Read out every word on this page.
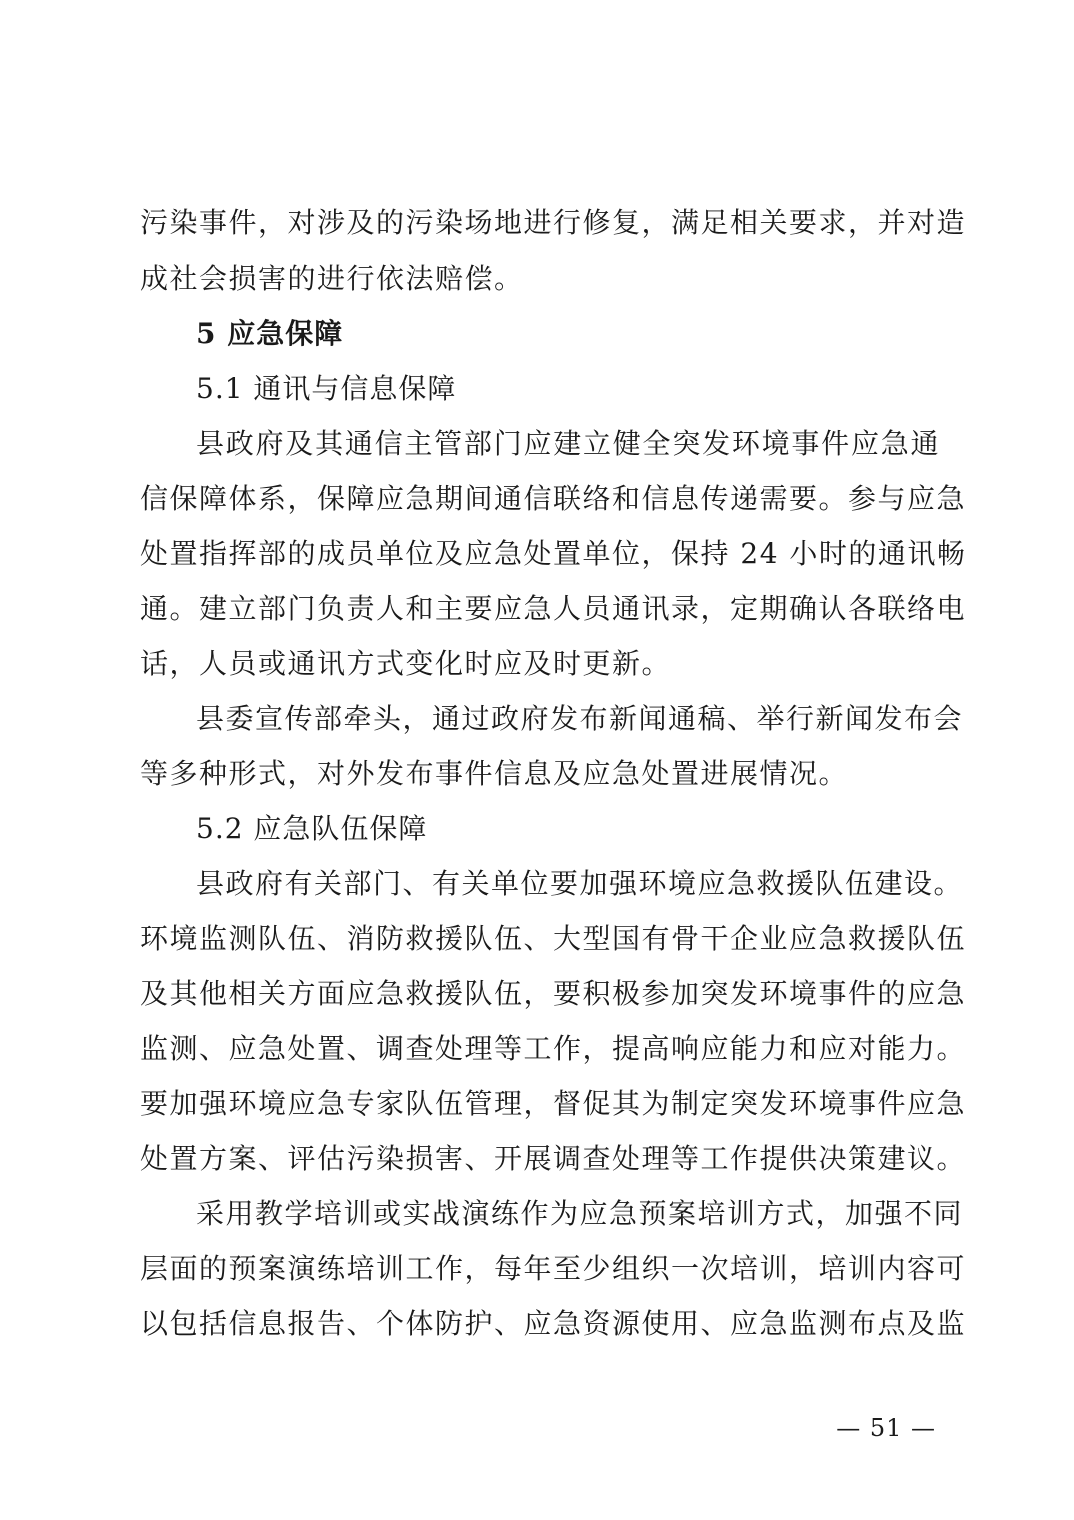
污染事件，对涉及的污染场地进行修复，满足相关要求，并对造
成社会损害的进行依法赔偿。
5 应急保障
5.1 通讯与信息保障
县政府及其通信主管部门应建立健全突发环境事件应急通
信保障体系，保障应急期间通信联络和信息传递需要。参与应急
处置指挥部的成员单位及应急处置单位，保持 24 小时的通讯畅
通。建立部门负责人和主要应急人员通讯录，定期确认各联络电
话，人员或通讯方式变化时应及时更新。
县委宣传部牵头，通过政府发布新闻通稿、举行新闻发布会
等多种形式，对外发布事件信息及应急处置进展情况。
5.2 应急队伍保障
县政府有关部门、有关单位要加强环境应急救援队伍建设。
环境监测队伍、消防救援队伍、大型国有骨干企业应急救援队伍
及其他相关方面应急救援队伍，要积极参加突发环境事件的应急
监测、应急处置、调查处理等工作，提高响应能力和应对能力。
要加强环境应急专家队伍管理，督促其为制定突发环境事件应急
处置方案、评估污染损害、开展调查处理等工作提供决策建议。
采用教学培训或实战演练作为应急预案培训方式，加强不同
层面的预案演练培训工作，每年至少组织一次培训，培训内容可
以包括信息报告、个体防护、应急资源使用、应急监测布点及监
— 51 —
